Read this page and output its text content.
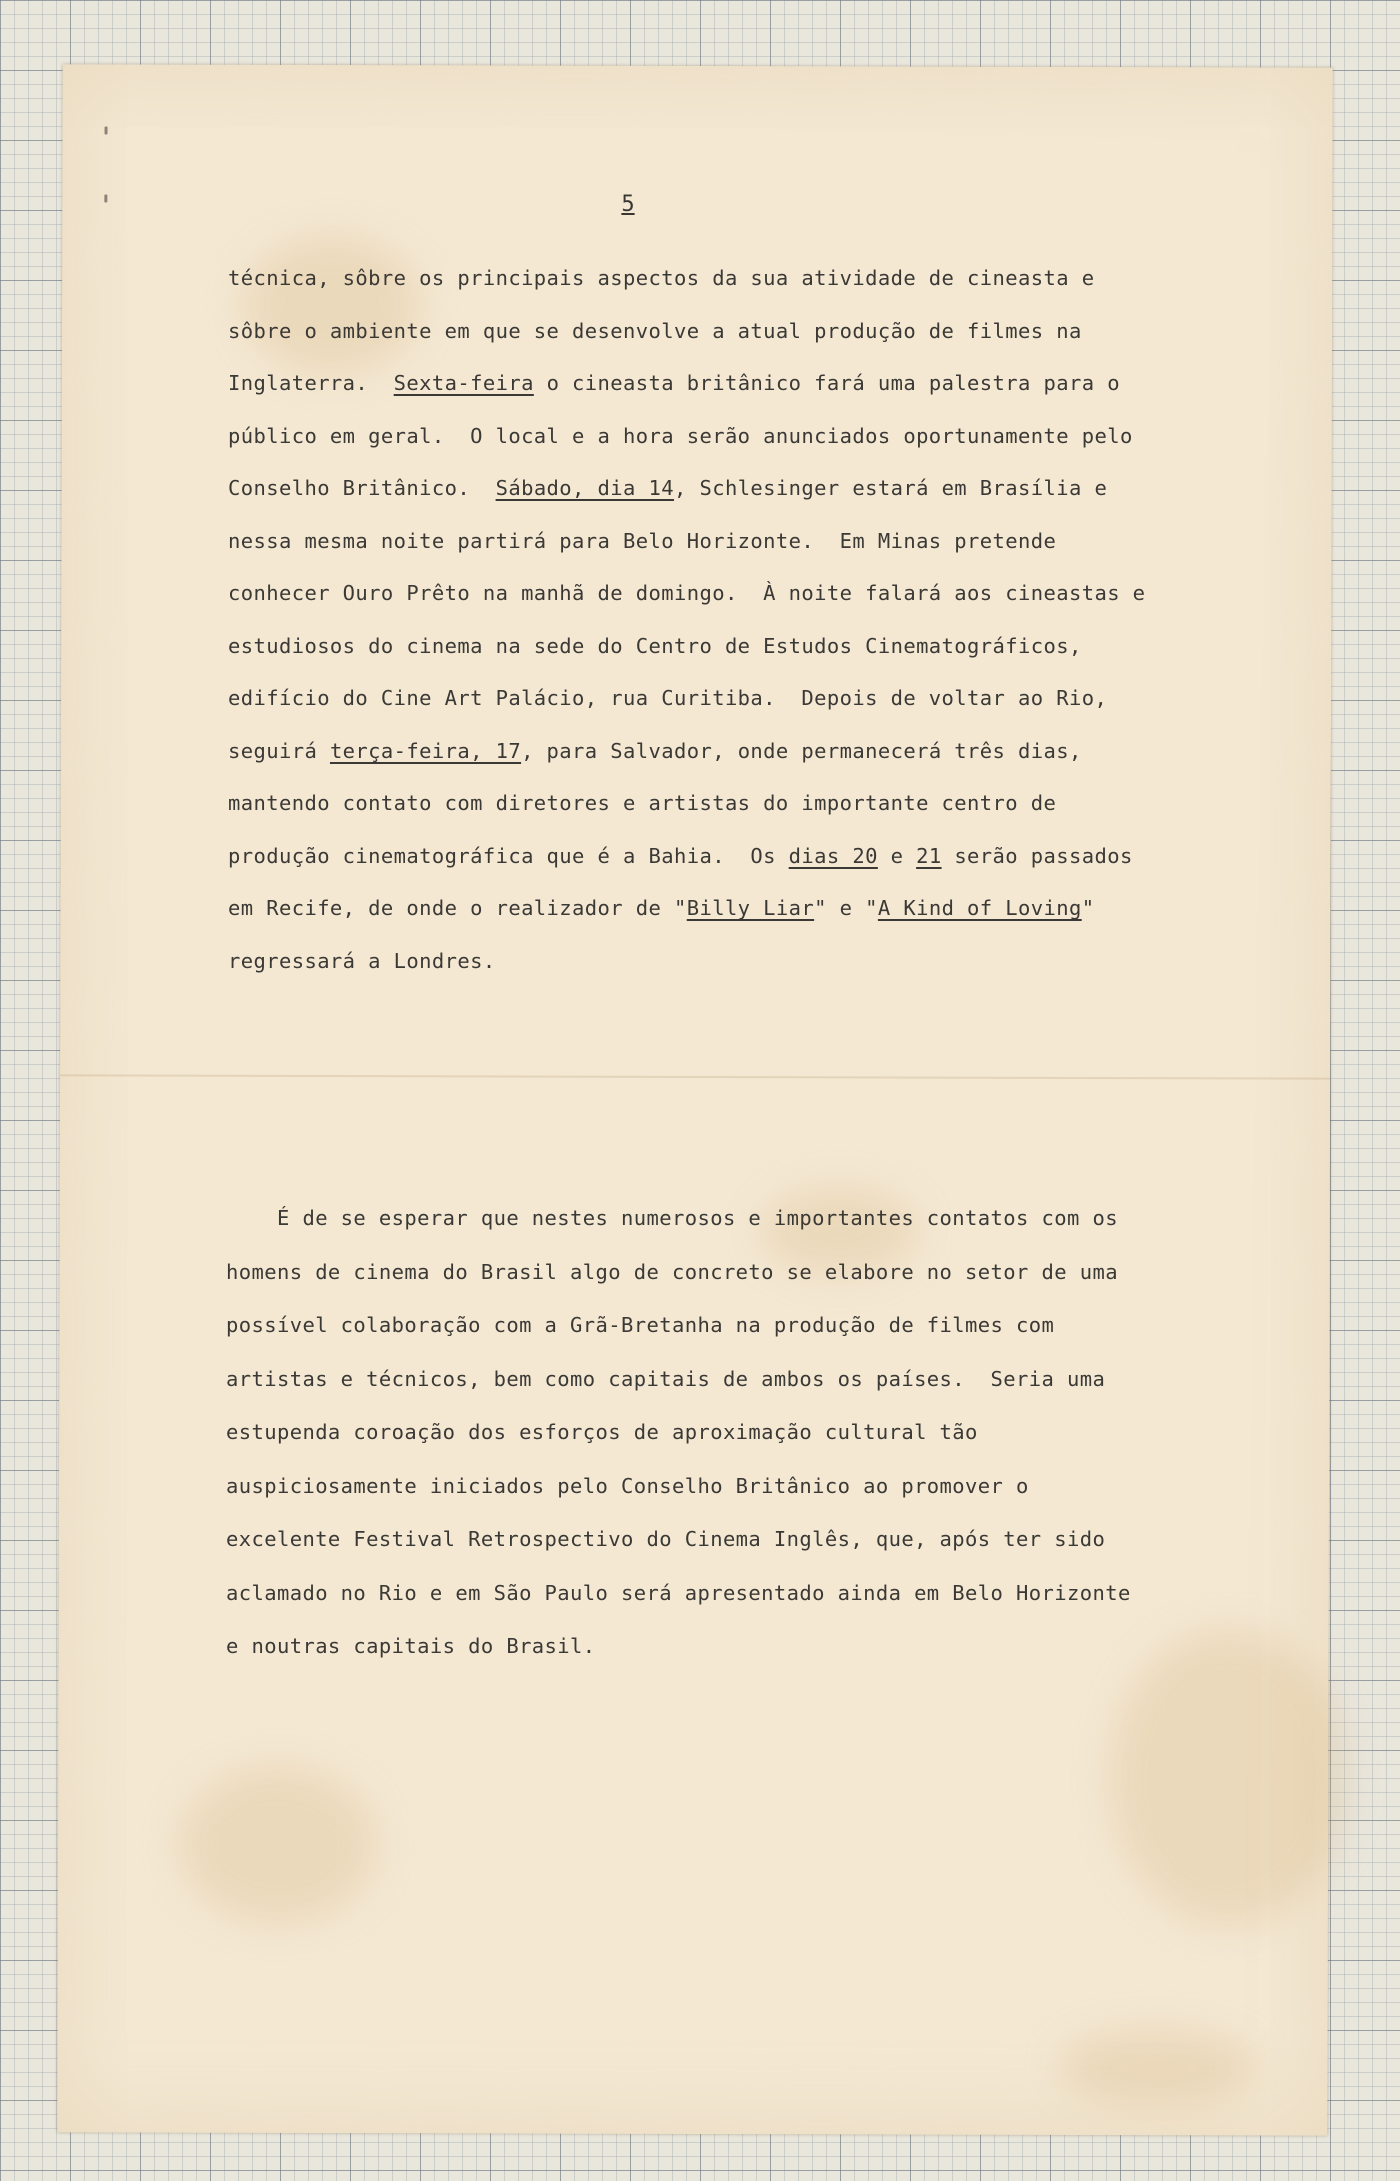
5
técnica, sôbre os principais aspectos da sua atividade de cineasta e
sôbre o ambiente em que se desenvolve a atual produção de filmes na
Inglaterra.  Sexta-feira o cineasta britânico fará uma palestra para o
público em geral.  O local e a hora serão anunciados oportunamente pelo
Conselho Britânico.  Sábado, dia 14, Schlesinger estará em Brasília e
nessa mesma noite partirá para Belo Horizonte.  Em Minas pretende
conhecer Ouro Prêto na manhã de domingo.  À noite falará aos cineastas e
estudiosos do cinema na sede do Centro de Estudos Cinematográficos,
edifício do Cine Art Palácio, rua Curitiba.  Depois de voltar ao Rio,
seguirá terça-feira, 17, para Salvador, onde permanecerá três dias,
mantendo contato com diretores e artistas do importante centro de
produção cinematográfica que é a Bahia.  Os dias 20 e 21 serão passados
em Recife, de onde o realizador de "Billy Liar" e "A Kind of Loving"
regressará a Londres.
É de se esperar que nestes numerosos e importantes contatos com os
homens de cinema do Brasil algo de concreto se elabore no setor de uma
possível colaboração com a Grã-Bretanha na produção de filmes com
artistas e técnicos, bem como capitais de ambos os países.  Seria uma
estupenda coroação dos esforços de aproximação cultural tão
auspiciosamente iniciados pelo Conselho Britânico ao promover o
excelente Festival Retrospectivo do Cinema Inglês, que, após ter sido
aclamado no Rio e em São Paulo será apresentado ainda em Belo Horizonte
e noutras capitais do Brasil.
